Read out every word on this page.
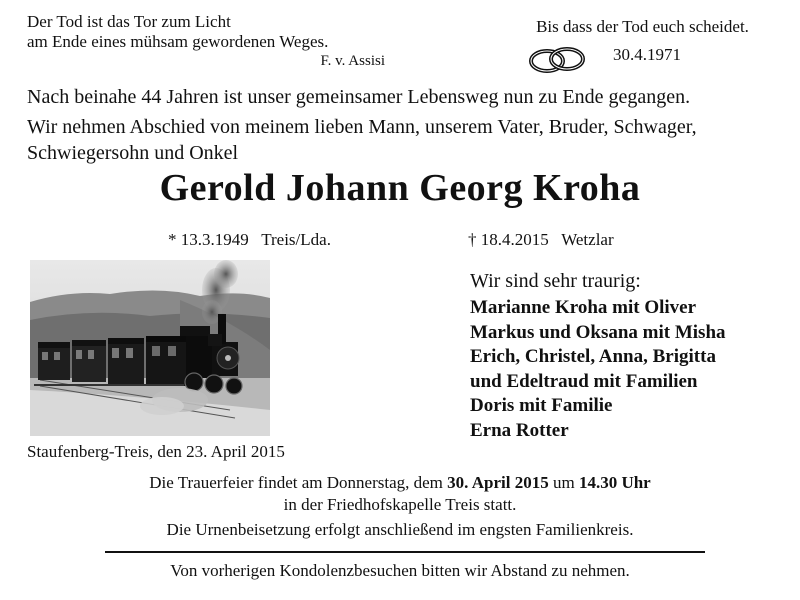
Der Tod ist das Tor zum Licht
am Ende eines mühsam gewordenen Weges.
F. v. Assisi
Bis dass der Tod euch scheidet.
30.4.1971

Nach beinahe 44 Jahren ist unser gemeinsamer Lebensweg nun zu Ende gegangen.

Wir nehmen Abschied von meinem lieben Mann, unserem Vater, Bruder, Schwager, Schwiegersohn und Onkel

Gerold Johann Georg Kroha
* 13.3.1949 Treis/Lda.	† 18.4.2015 Wetzlar
Staufenberg-Treis, den 23. April 2015
Wir sind sehr traurig:
Marianne Kroha mit Oliver
Markus und Oksana mit Misha
Erich, Christel, Anna, Brigitta
und Edeltraud mit Familien
Doris mit Familie
Erna Rotter
Die Trauerfeier findet am Donnerstag, dem 30. April 2015 um 14.30 Uhr
in der Friedhofskapelle Treis statt.
Die Urnenbeisetzung erfolgt anschließend im engsten Familienkreis.
Von vorherigen Kondolenzbesuchen bitten wir Abstand zu nehmen.
